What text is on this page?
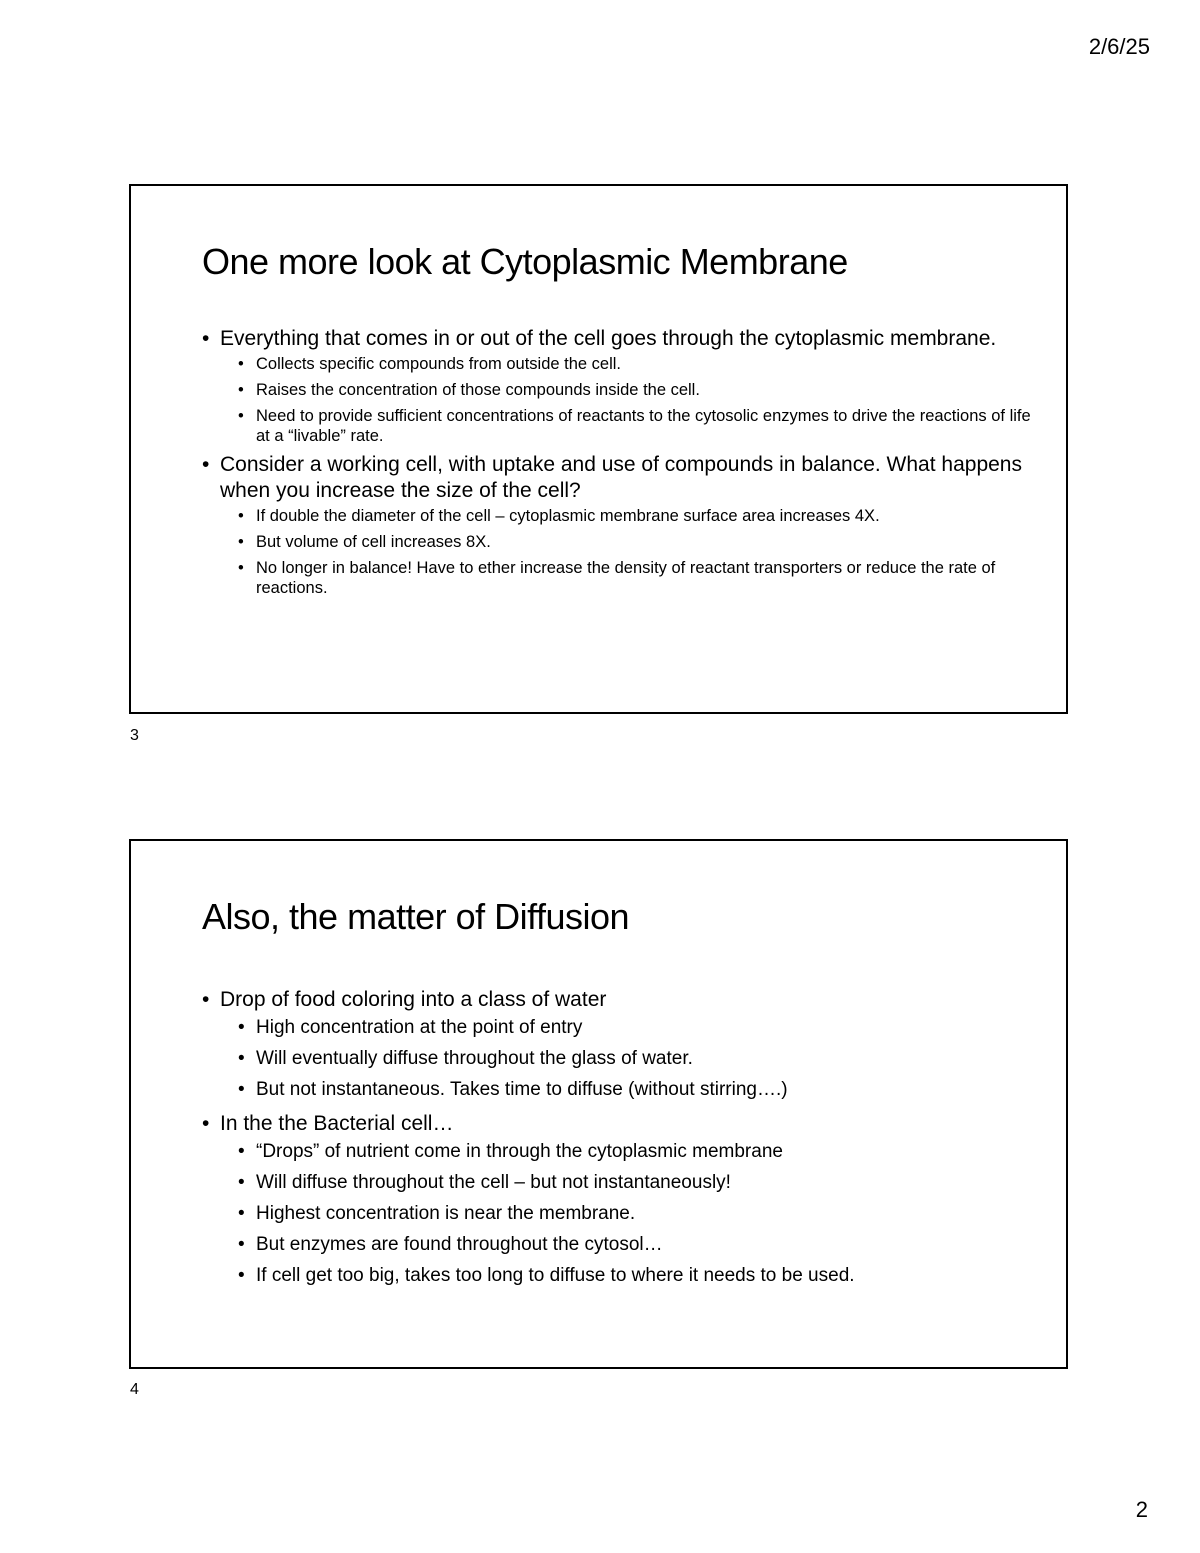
2/6/25
One more look at Cytoplasmic Membrane
• Everything that comes in or out of the cell goes through the cytoplasmic membrane.
• Collects specific compounds from outside the cell.
• Raises the concentration of those compounds inside the cell.
• Need to provide sufficient concentrations of reactants to the cytosolic enzymes to drive the reactions of life at a “livable” rate.
• Consider a working cell, with uptake and use of compounds in balance. What happens when you increase the size of the cell?
• If double the diameter of the cell – cytoplasmic membrane surface area increases 4X.
• But volume of cell increases 8X.
• No longer in balance! Have to ether increase the density of reactant transporters or reduce the rate of reactions.
3
Also, the matter of Diffusion
• Drop of food coloring into a class of water
• High concentration at the point of entry
• Will eventually diffuse throughout the glass of water.
• But not instantaneous. Takes time to diffuse (without stirring….)
• In the the Bacterial cell…
• “Drops” of nutrient come in through the cytoplasmic membrane
• Will diffuse throughout the cell – but not instantaneously!
• Highest concentration is near the membrane.
• But enzymes are found throughout the cytosol…
• If cell get too big, takes too long to diffuse to where it needs to be used.
4
2
